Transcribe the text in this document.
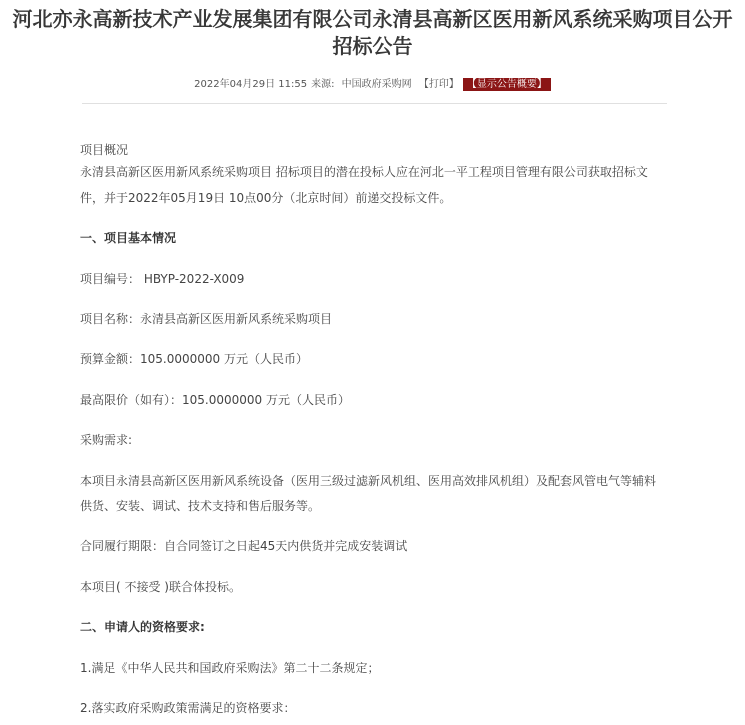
河北亦永高新技术产业发展集团有限公司永清县高新区医用新风系统采购项目公开招标公告
2022年04月29日 11:55 来源: 中国政府采购网 【打印】 【显示公告概要】

项目概况

永清县高新区医用新风系统采购项目 招标项目的潜在投标人应在河北一平工程项目管理有限公司获取招标文

件，并于2022年05月19日 10点00分（北京时间）前递交投标文件。

一、项目基本情况

项目编号： HBYP-2022-X009

项目名称：永清县高新区医用新风系统采购项目

预算金额：105.0000000 万元（人民币）

最高限价（如有）：105.0000000 万元（人民币）

采购需求:

本项目永清县高新区医用新风系统设备（医用三级过滤新风机组、医用高效排风机组）及配套风管电气等辅料

供货、安装、调试、技术支持和售后服务等。

合同履行期限：自合同签订之日起45天内供货并完成安装调试

本项目( 不接受 )联合体投标。

二、申请人的资格要求:

1.满足《中华人民共和国政府采购法》第二十二条规定；

2.落实政府采购政策需满足的资格要求：
